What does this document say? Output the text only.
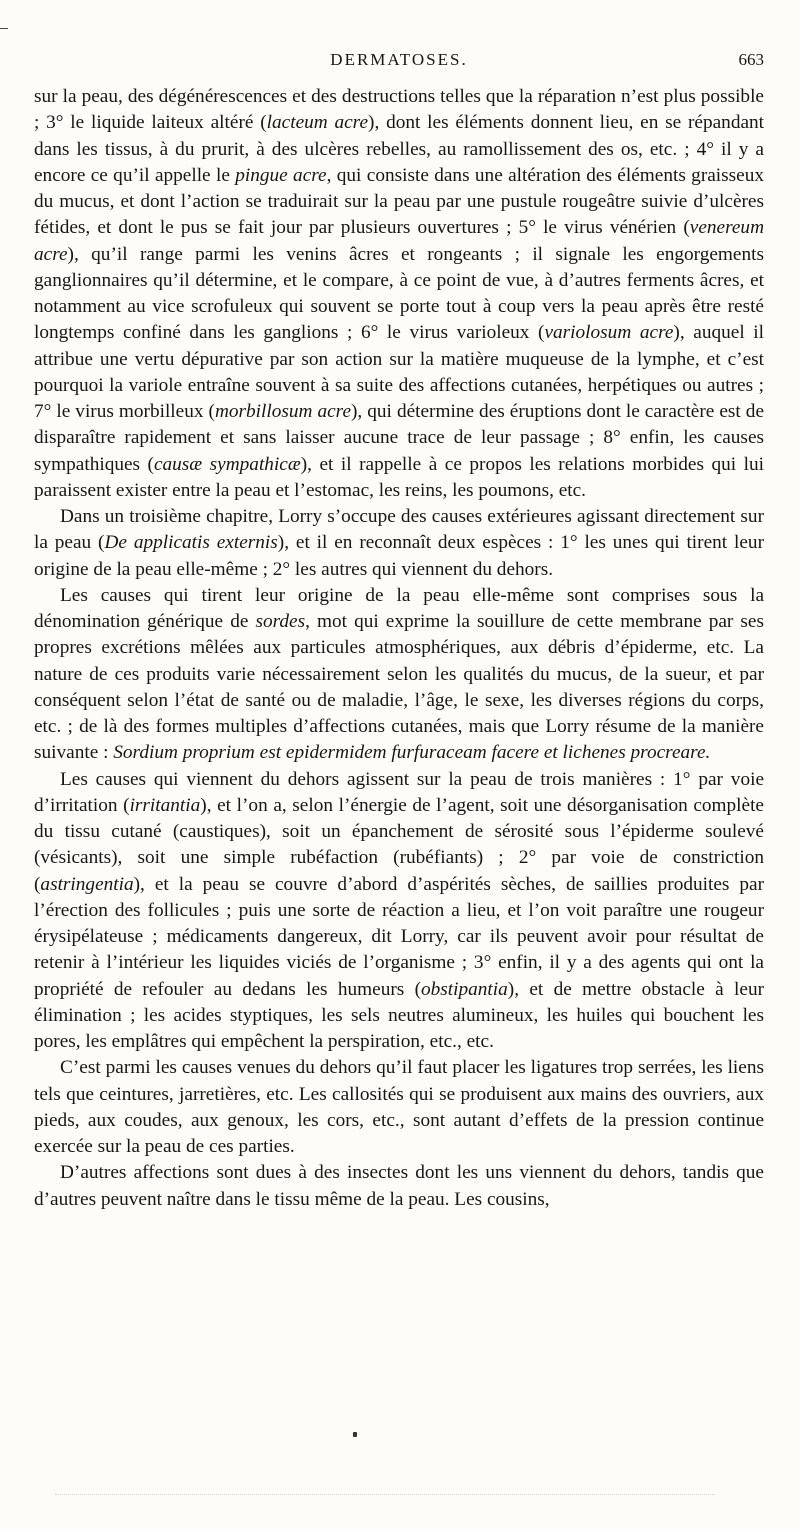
DERMATOSES.	663

sur la peau, des dégénérescences et des destructions telles que la réparation n’est plus possible ; 3° le liquide laiteux altéré (lacteum acre), dont les éléments donnent lieu, en se répandant dans les tissus, à du prurit, à des ulcères rebelles, au ramollissement des os, etc. ; 4° il y a encore ce qu’il appelle le pingue acre, qui consiste dans une altération des éléments graisseux du mucus, et dont l’action se traduirait sur la peau par une pustule rougeâtre suivie d’ulcères fétides, et dont le pus se fait jour par plusieurs ouvertures ; 5° le virus vénérien (venereum acre), qu’il range parmi les venins âcres et rongeants ; il signale les engorgements ganglionnaires qu’il détermine, et le compare, à ce point de vue, à d’autres ferments âcres, et notamment au vice scrofuleux qui souvent se porte tout à coup vers la peau après être resté longtemps confiné dans les ganglions ; 6° le virus varioleux (variolosum acre), auquel il attribue une vertu dépurative par son action sur la matière muqueuse de la lymphe, et c’est pourquoi la variole entraîne souvent à sa suite des affections cutanées, herpétiques ou autres ; 7° le virus morbilleux (morbillosum acre), qui détermine des éruptions dont le caractère est de disparaître rapidement et sans laisser aucune trace de leur passage ; 8° enfin, les causes sympathiques (causæ sympathicæ), et il rappelle à ce propos les relations morbides qui lui paraissent exister entre la peau et l’estomac, les reins, les poumons, etc.

Dans un troisième chapitre, Lorry s’occupe des causes extérieures agissant directement sur la peau (De applicatis externis), et il en reconnaît deux espèces : 1° les unes qui tirent leur origine de la peau elle-même ; 2° les autres qui viennent du dehors.

Les causes qui tirent leur origine de la peau elle-même sont comprises sous la dénomination générique de sordes, mot qui exprime la souillure de cette membrane par ses propres excrétions mêlées aux particules atmosphériques, aux débris d’épiderme, etc. La nature de ces produits varie nécessairement selon les qualités du mucus, de la sueur, et par conséquent selon l’état de santé ou de maladie, l’âge, le sexe, les diverses régions du corps, etc. ; de là des formes multiples d’affections cutanées, mais que Lorry résume de la manière suivante : Sordium proprium est epidermidem furfuraceam facere et lichenes procreare.

Les causes qui viennent du dehors agissent sur la peau de trois manières : 1° par voie d’irritation (irritantia), et l’on a, selon l’énergie de l’agent, soit une désorganisation complète du tissu cutané (caustiques), soit un épanchement de sérosité sous l’épiderme soulevé (vésicants), soit une simple rubéfaction (rubéfiants) ; 2° par voie de constriction (astringentia), et la peau se couvre d’abord d’aspérités sèches, de saillies produites par l’érection des follicules ; puis une sorte de réaction a lieu, et l’on voit paraître une rougeur érysipélateuse ; médicaments dangereux, dit Lorry, car ils peuvent avoir pour résultat de retenir à l’intérieur les liquides viciés de l’organisme ; 3° enfin, il y a des agents qui ont la propriété de refouler au dedans les humeurs (obstipantia), et de mettre obstacle à leur élimination ; les acides styptiques, les sels neutres alumineux, les huiles qui bouchent les pores, les emplâtres qui empêchent la perspiration, etc., etc.

C’est parmi les causes venues du dehors qu’il faut placer les ligatures trop serrées, les liens tels que ceintures, jarretières, etc. Les callosités qui se produisent aux mains des ouvriers, aux pieds, aux coudes, aux genoux, les cors, etc., sont autant d’effets de la pression continue exercée sur la peau de ces parties.

D’autres affections sont dues à des insectes dont les uns viennent du dehors, tandis que d’autres peuvent naître dans le tissu même de la peau. Les cousins,
